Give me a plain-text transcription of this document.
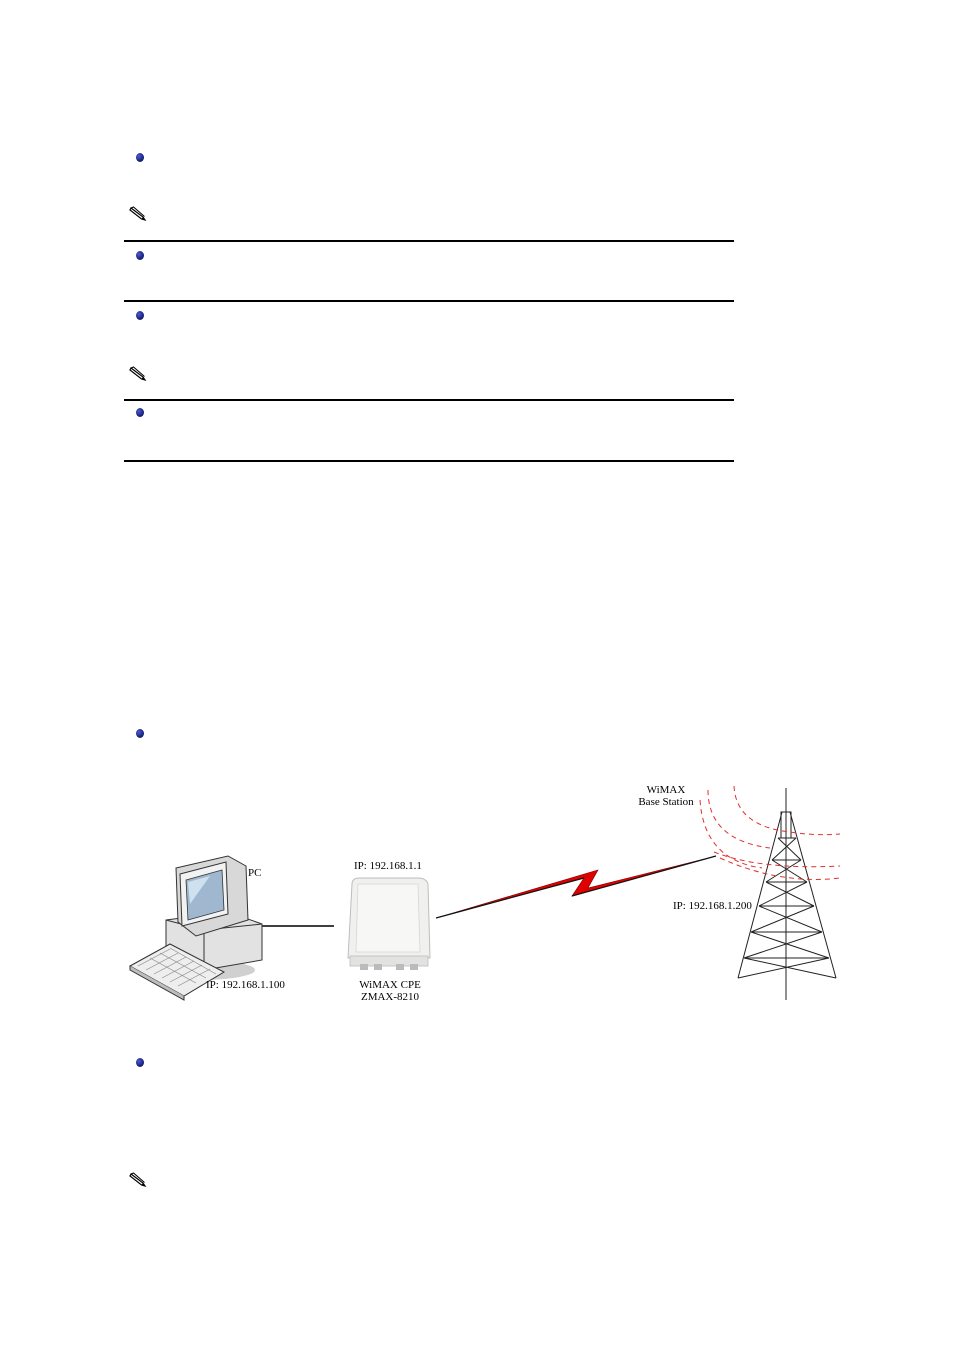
PC
IP: 192.168.1.100
IP: 192.168.1.1
WiMAX CPE
ZMAX-8210
WiMAX
Base Station
IP: 192.168.1.200
